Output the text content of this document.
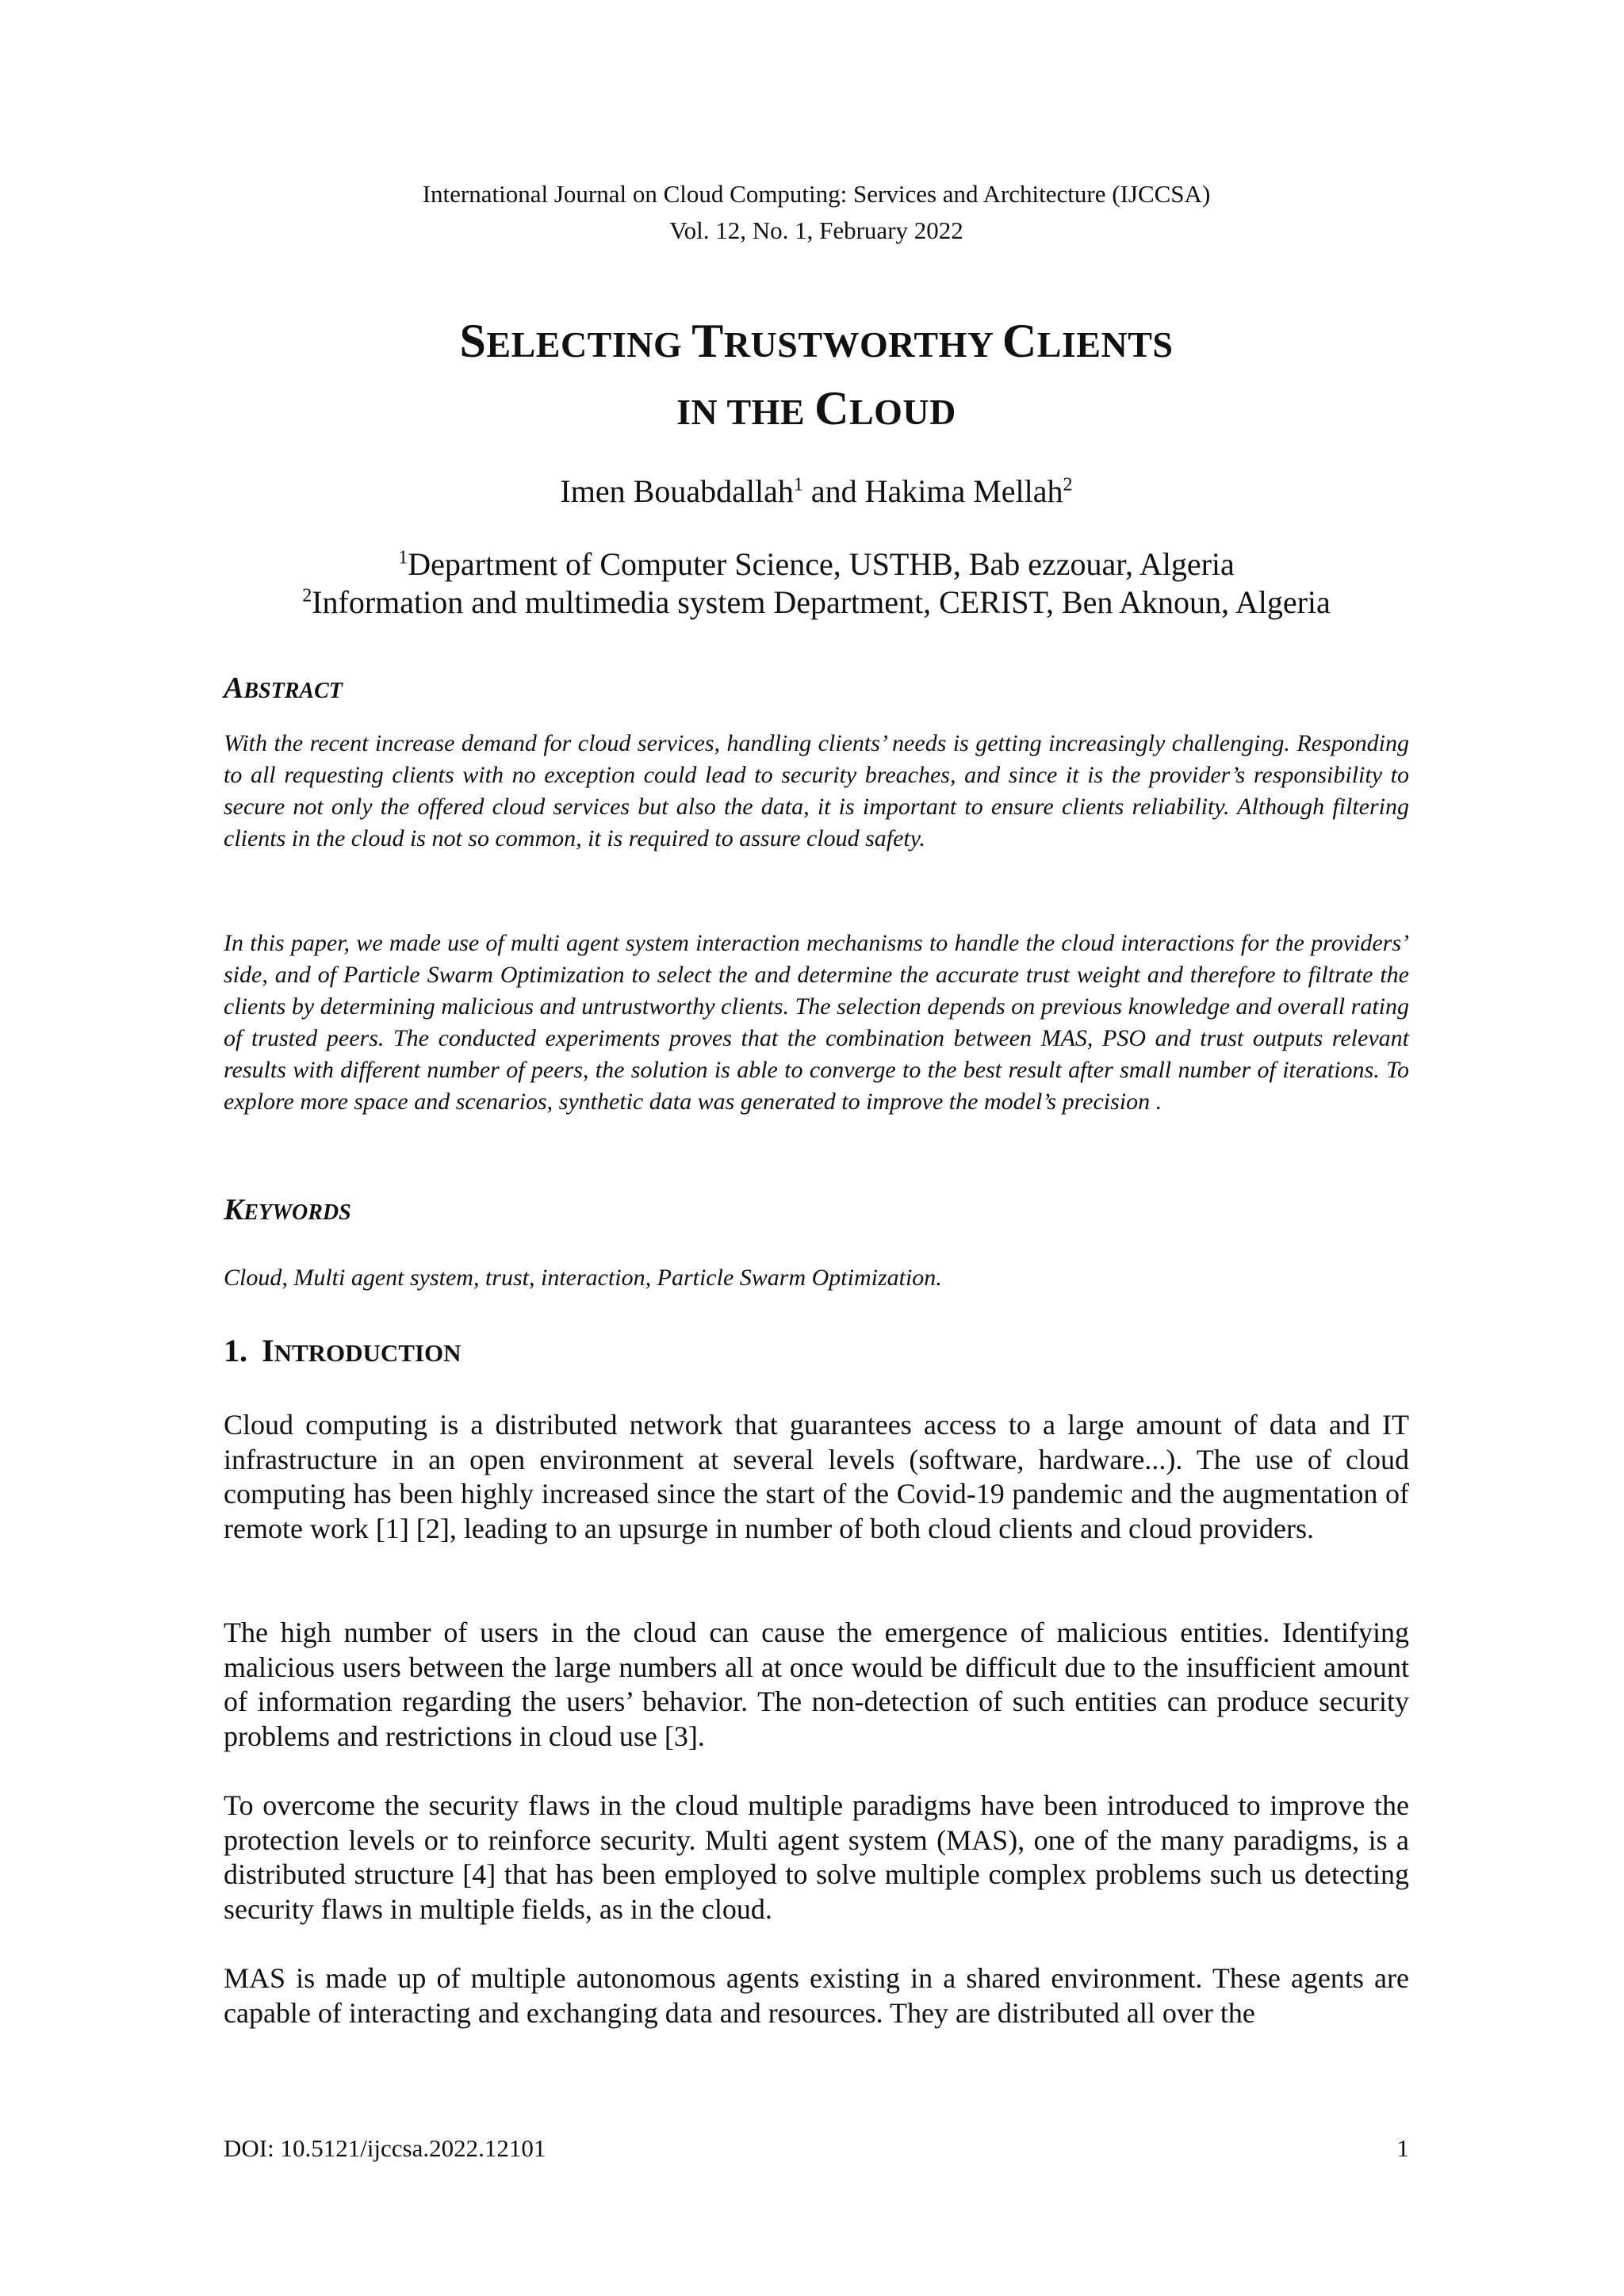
International Journal on Cloud Computing: Services and Architecture (IJCCSA)
Vol. 12, No. 1, February 2022
SELECTING TRUSTWORTHY CLIENTS
IN THE CLOUD
Imen Bouabdallah$^1$ and Hakima Mellah$^2$
$^1$Department of Computer Science, USTHB, Bab ezzouar, Algeria
$^2$Information and multimedia system Department, CERIST, Ben Aknoun, Algeria
ABSTRACT

With the recent increase demand for cloud services, handling clients’ needs is getting increasingly challenging. Responding to all requesting clients with no exception could lead to security breaches, and since it is the provider’s responsibility to secure not only the offered cloud services but also the data, it is important to ensure clients reliability. Although filtering clients in the cloud is not so common, it is required to assure cloud safety.

In this paper, we made use of multi agent system interaction mechanisms to handle the cloud interactions for the providers’ side, and of Particle Swarm Optimization to select the and determine the accurate trust weight and therefore to filtrate the clients by determining malicious and untrustworthy clients. The selection depends on previous knowledge and overall rating of trusted peers. The conducted experiments proves that the combination between MAS, PSO and trust outputs relevant results with different number of peers, the solution is able to converge to the best result after small number of iterations. To explore more space and scenarios, synthetic data was generated to improve the model’s precision .

KEYWORDS

Cloud, Multi agent system, trust, interaction, Particle Swarm Optimization.

1. INTRODUCTION

Cloud computing is a distributed network that guarantees access to a large amount of data and IT infrastructure in an open environment at several levels (software, hardware...). The use of cloud computing has been highly increased since the start of the Covid-19 pandemic and the augmentation of remote work [1] [2], leading to an upsurge in number of both cloud clients and cloud providers.

The high number of users in the cloud can cause the emergence of malicious entities. Identifying malicious users between the large numbers all at once would be difficult due to the insufficient amount of information regarding the users’ behavior. The non-detection of such entities can produce security problems and restrictions in cloud use [3].

To overcome the security flaws in the cloud multiple paradigms have been introduced to improve the protection levels or to reinforce security. Multi agent system (MAS), one of the many paradigms, is a distributed structure [4] that has been employed to solve multiple complex problems such us detecting security flaws in multiple fields, as in the cloud.

MAS is made up of multiple autonomous agents existing in a shared environment. These agents are capable of interacting and exchanging data and resources. They are distributed all over the

DOI: 10.5121/ijccsa.2022.12101	1
